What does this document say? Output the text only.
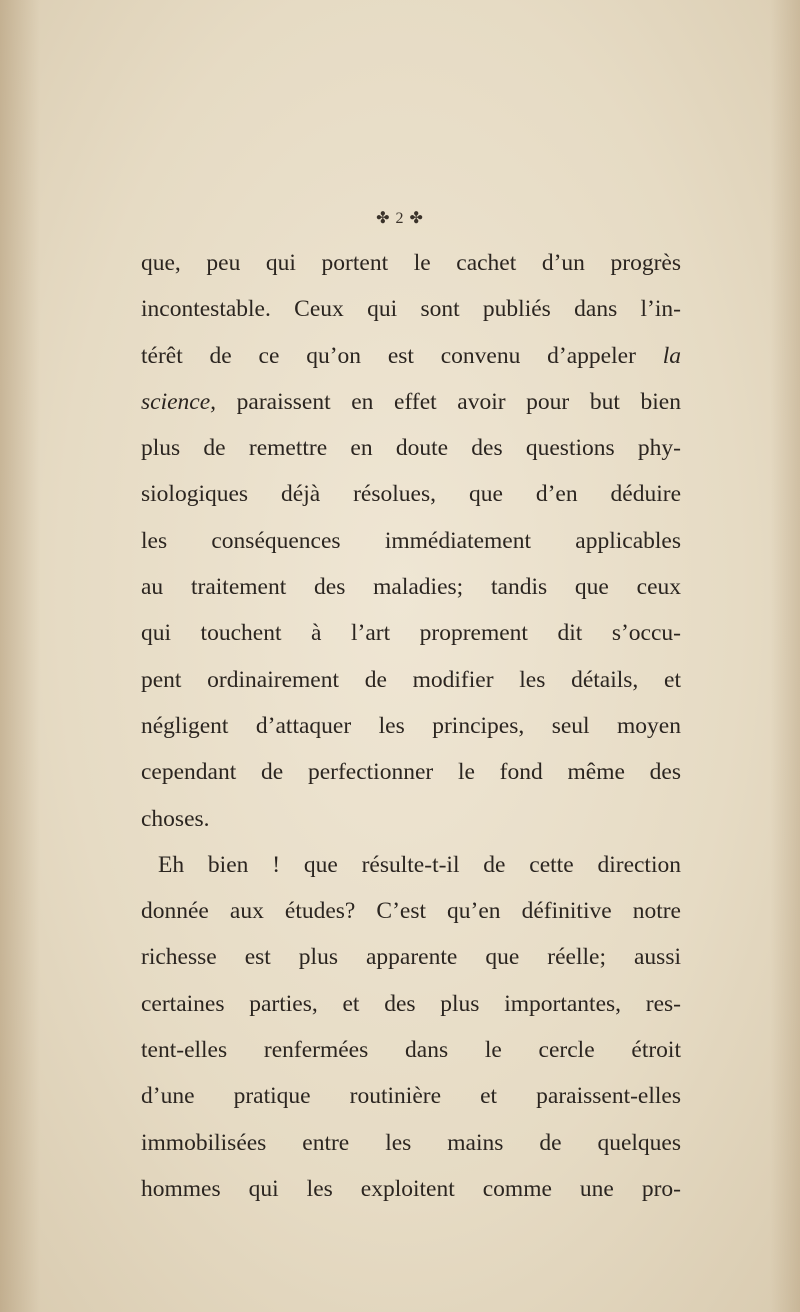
✤ 2 ✤
que, peu qui portent le cachet d’un progrès
incontestable. Ceux qui sont publiés dans l’in-
térêt de ce qu’on est convenu d’appeler la
science, paraissent en effet avoir pour but bien
plus de remettre en doute des questions phy-
siologiques déjà résolues, que d’en déduire
les conséquences immédiatement applicables
au traitement des maladies; tandis que ceux
qui touchent à l’art proprement dit s’occu-
pent ordinairement de modifier les détails, et
négligent d’attaquer les principes, seul moyen
cependant de perfectionner le fond même des
choses.
Eh bien ! que résulte-t-il de cette direction
donnée aux études? C’est qu’en définitive notre
richesse est plus apparente que réelle; aussi
certaines parties, et des plus importantes, res-
tent-elles renfermées dans le cercle étroit
d’une pratique routinière et paraissent-elles
immobilisées entre les mains de quelques
hommes qui les exploitent comme une pro-
